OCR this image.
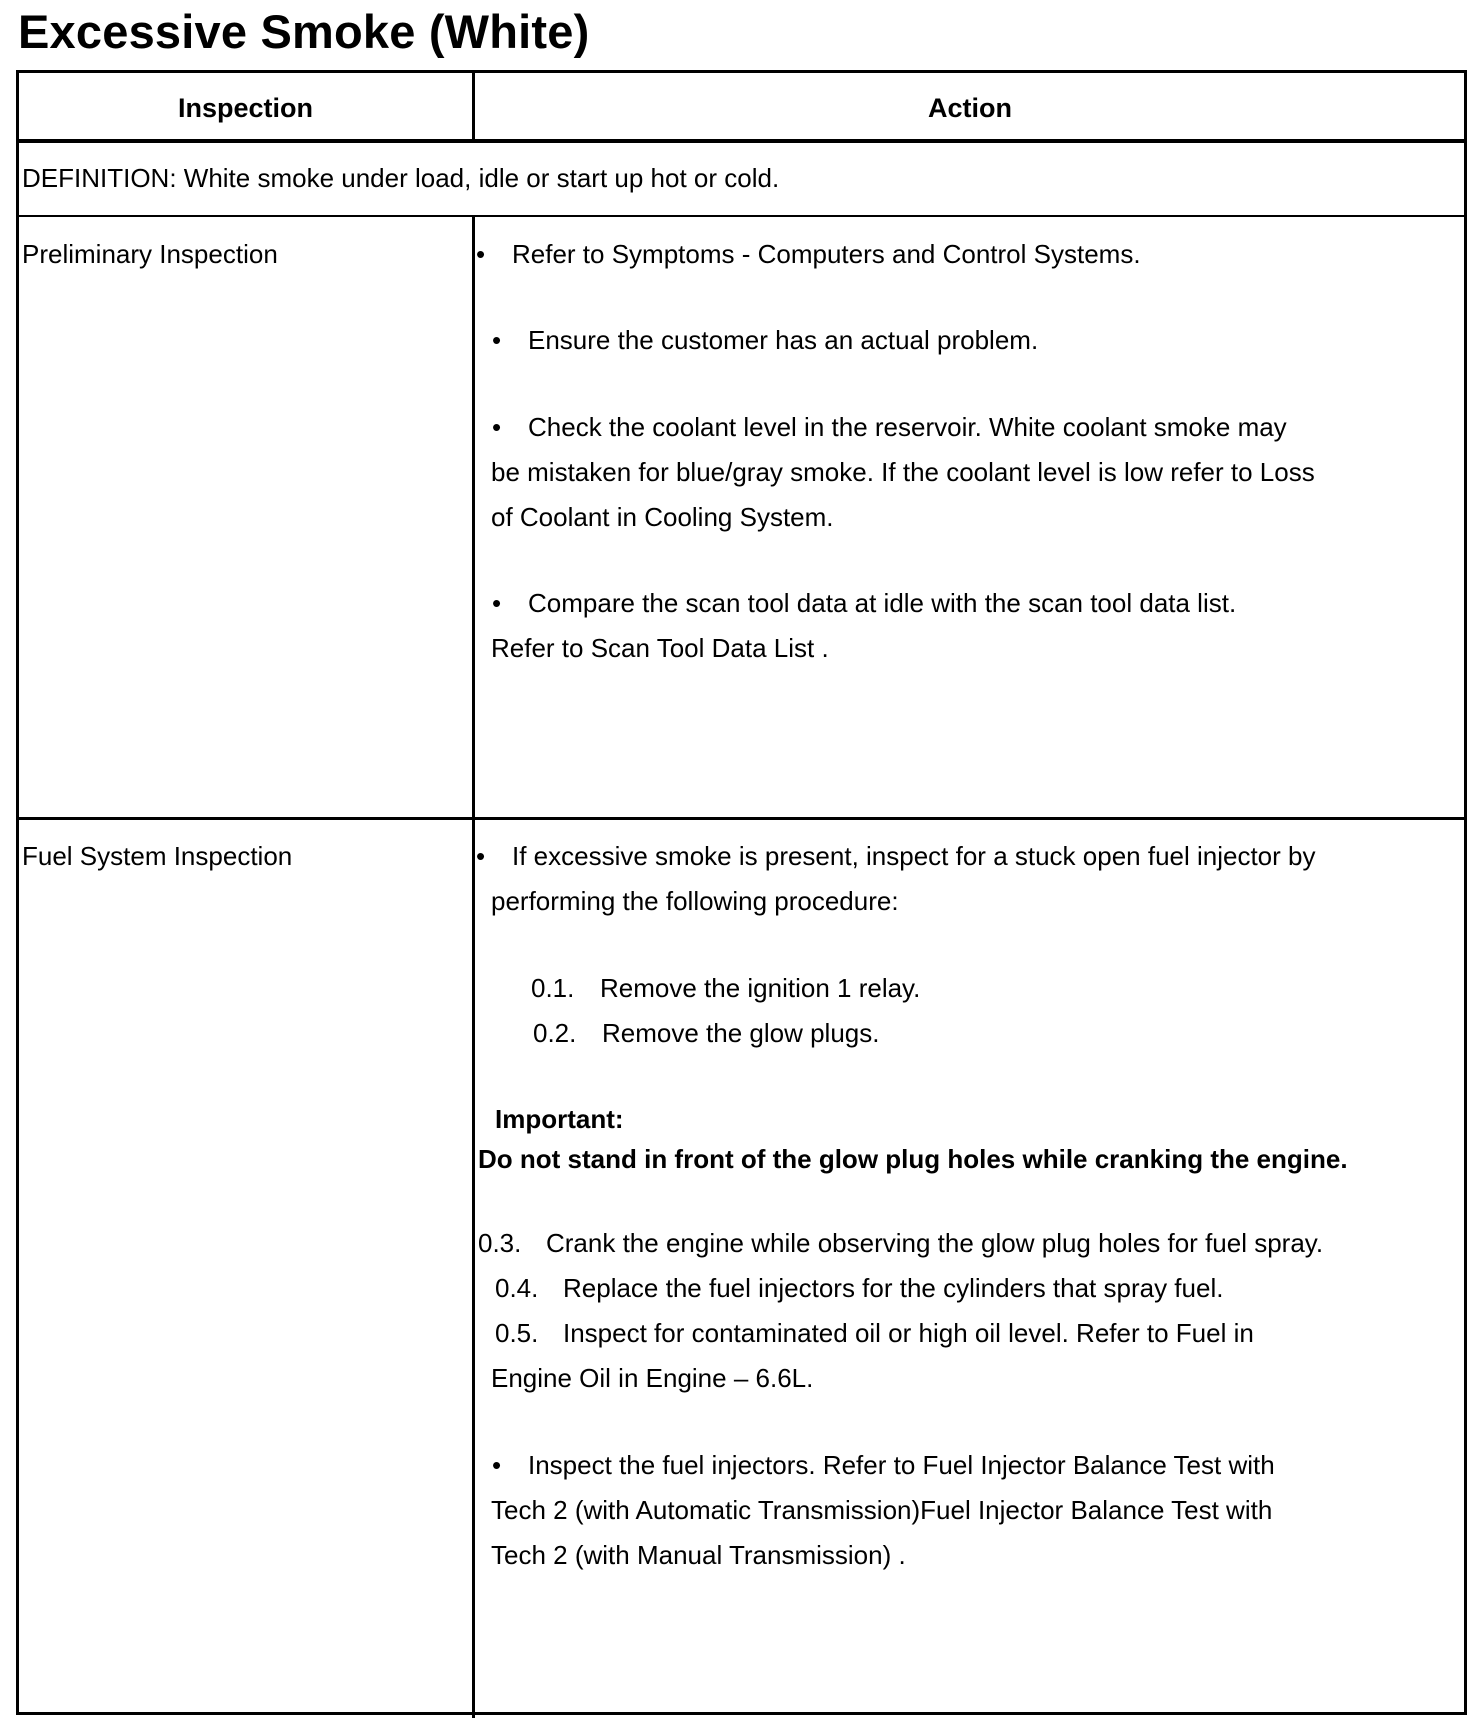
Excessive Smoke (White)
Inspection	Action
DEFINITION: White smoke under load, idle or start up hot or cold.
Preliminary Inspection	• Refer to Symptoms - Computers and Control Systems.
• Ensure the customer has an actual problem.
• Check the coolant level in the reservoir. White coolant smoke may
be mistaken for blue/gray smoke. If the coolant level is low refer to Loss
of Coolant in Cooling System.
• Compare the scan tool data at idle with the scan tool data list.
Refer to Scan Tool Data List .
Fuel System Inspection	• If excessive smoke is present, inspect for a stuck open fuel injector by
performing the following procedure:
0.1. Remove the ignition 1 relay.
0.2. Remove the glow plugs.
Important:
Do not stand in front of the glow plug holes while cranking the engine.
0.3. Crank the engine while observing the glow plug holes for fuel spray.
0.4. Replace the fuel injectors for the cylinders that spray fuel.
0.5. Inspect for contaminated oil or high oil level. Refer to Fuel in
Engine Oil in Engine – 6.6L.
• Inspect the fuel injectors. Refer to Fuel Injector Balance Test with
Tech 2 (with Automatic Transmission)Fuel Injector Balance Test with
Tech 2 (with Manual Transmission) .
